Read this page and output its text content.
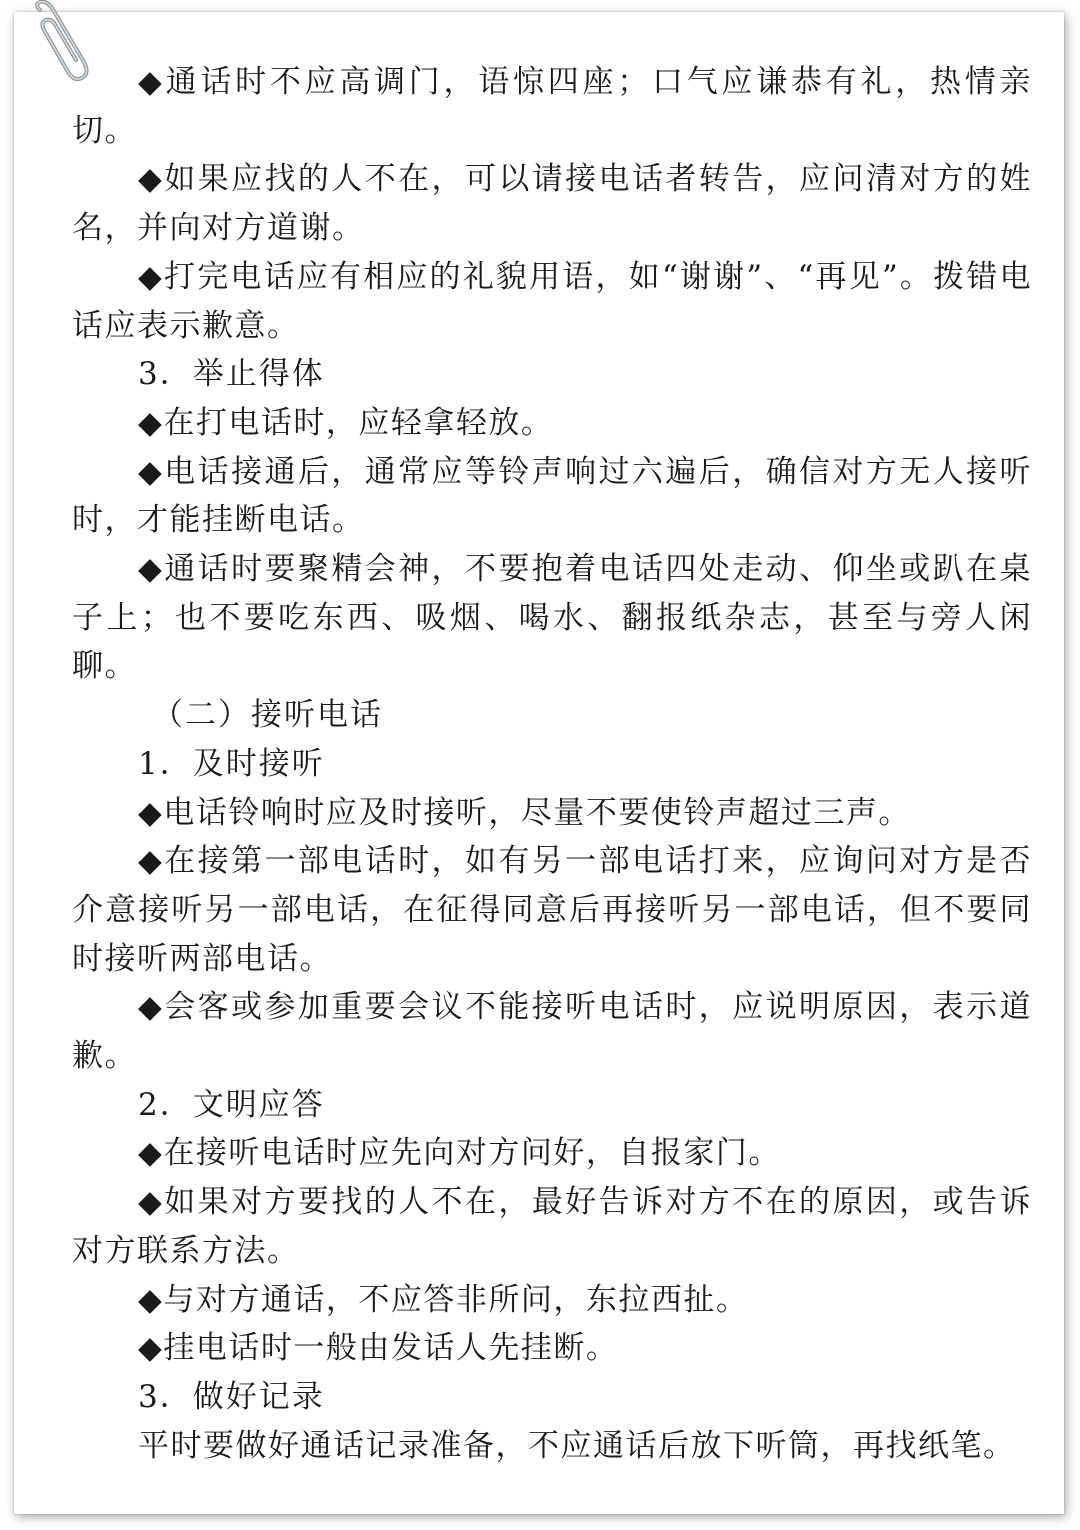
◆通话时不应高调门，语惊四座；口气应谦恭有礼，热情亲切。

◆如果应找的人不在，可以请接电话者转告，应问清对方的姓名，并向对方道谢。

◆打完电话应有相应的礼貌用语，如“谢谢”、“再见”。拨错电话应表示歉意。

3．举止得体

◆在打电话时，应轻拿轻放。

◆电话接通后，通常应等铃声响过六遍后，确信对方无人接听时，才能挂断电话。

◆通话时要聚精会神，不要抱着电话四处走动、仰坐或趴在桌子上；也不要吃东西、吸烟、喝水、翻报纸杂志，甚至与旁人闲聊。

（二）接听电话

1．及时接听

◆电话铃响时应及时接听，尽量不要使铃声超过三声。

◆在接第一部电话时，如有另一部电话打来，应询问对方是否介意接听另一部电话，在征得同意后再接听另一部电话，但不要同时接听两部电话。

◆会客或参加重要会议不能接听电话时，应说明原因，表示道歉。

2．文明应答

◆在接听电话时应先向对方问好，自报家门。

◆如果对方要找的人不在，最好告诉对方不在的原因，或告诉对方联系方法。

◆与对方通话，不应答非所问，东拉西扯。

◆挂电话时一般由发话人先挂断。

3．做好记录

平时要做好通话记录准备，不应通话后放下听筒，再找纸笔。
